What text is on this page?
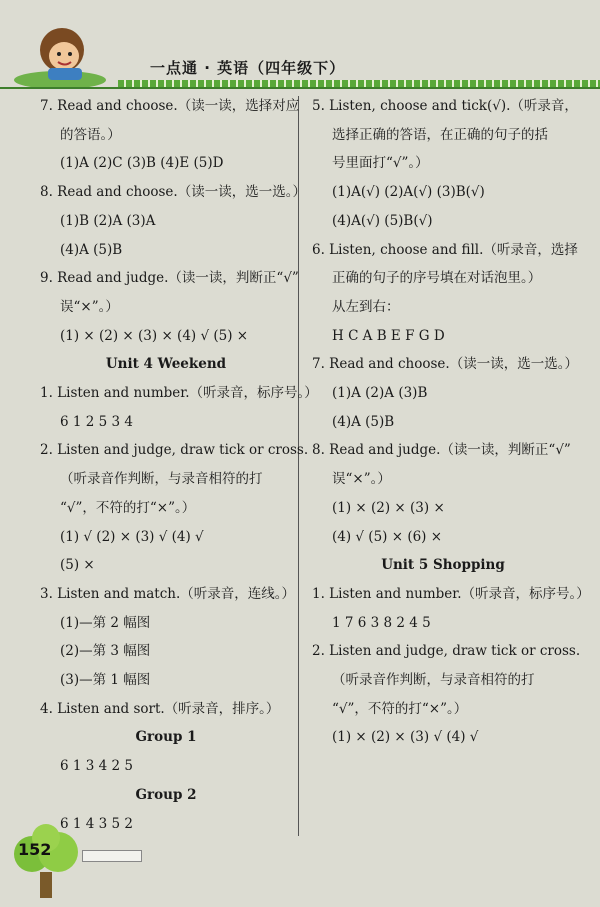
一点通 · 英语（四年级下）
7. Read and choose.（读一读，选择对应
的答语。）
(1)A (2)C (3)B (4)E (5)D
8. Read and choose.（读一读，选一选。）
(1)B (2)A (3)A
(4)A (5)B
9. Read and judge.（读一读，判断正“√”
误“×”。）
(1) × (2) × (3) × (4) √ (5) ×
Unit 4 Weekend
1. Listen and number.（听录音，标序号。）
6 1 2 5 3 4
2. Listen and judge, draw tick or cross.
（听录音作判断，与录音相符的打
“√”，不符的打“×”。）
(1) √ (2) × (3) √ (4) √
(5) ×
3. Listen and match.（听录音，连线。）
(1)—第 2 幅图
(2)—第 3 幅图
(3)—第 1 幅图
4. Listen and sort.（听录音，排序。）
Group 1
6 1 3 4 2 5
Group 2
6 1 4 3 5 2
5. Listen, choose and tick(√).（听录音，
选择正确的答语，在正确的句子的括
号里面打“√”。）
(1)A(√) (2)A(√) (3)B(√)
(4)A(√) (5)B(√)
6. Listen, choose and fill.（听录音，选择
正确的句子的序号填在对话泡里。）
从左到右：
H C A B E F G D
7. Read and choose.（读一读，选一选。）
(1)A (2)A (3)B
(4)A (5)B
8. Read and judge.（读一读，判断正“√”
误“×”。）
(1) × (2) × (3) ×
(4) √ (5) × (6) ×
Unit 5 Shopping
1. Listen and number.（听录音，标序号。）
1 7 6 3 8 2 4 5
2. Listen and judge, draw tick or cross.
（听录音作判断，与录音相符的打
“√”，不符的打“×”。）
(1) × (2) × (3) √ (4) √
152
